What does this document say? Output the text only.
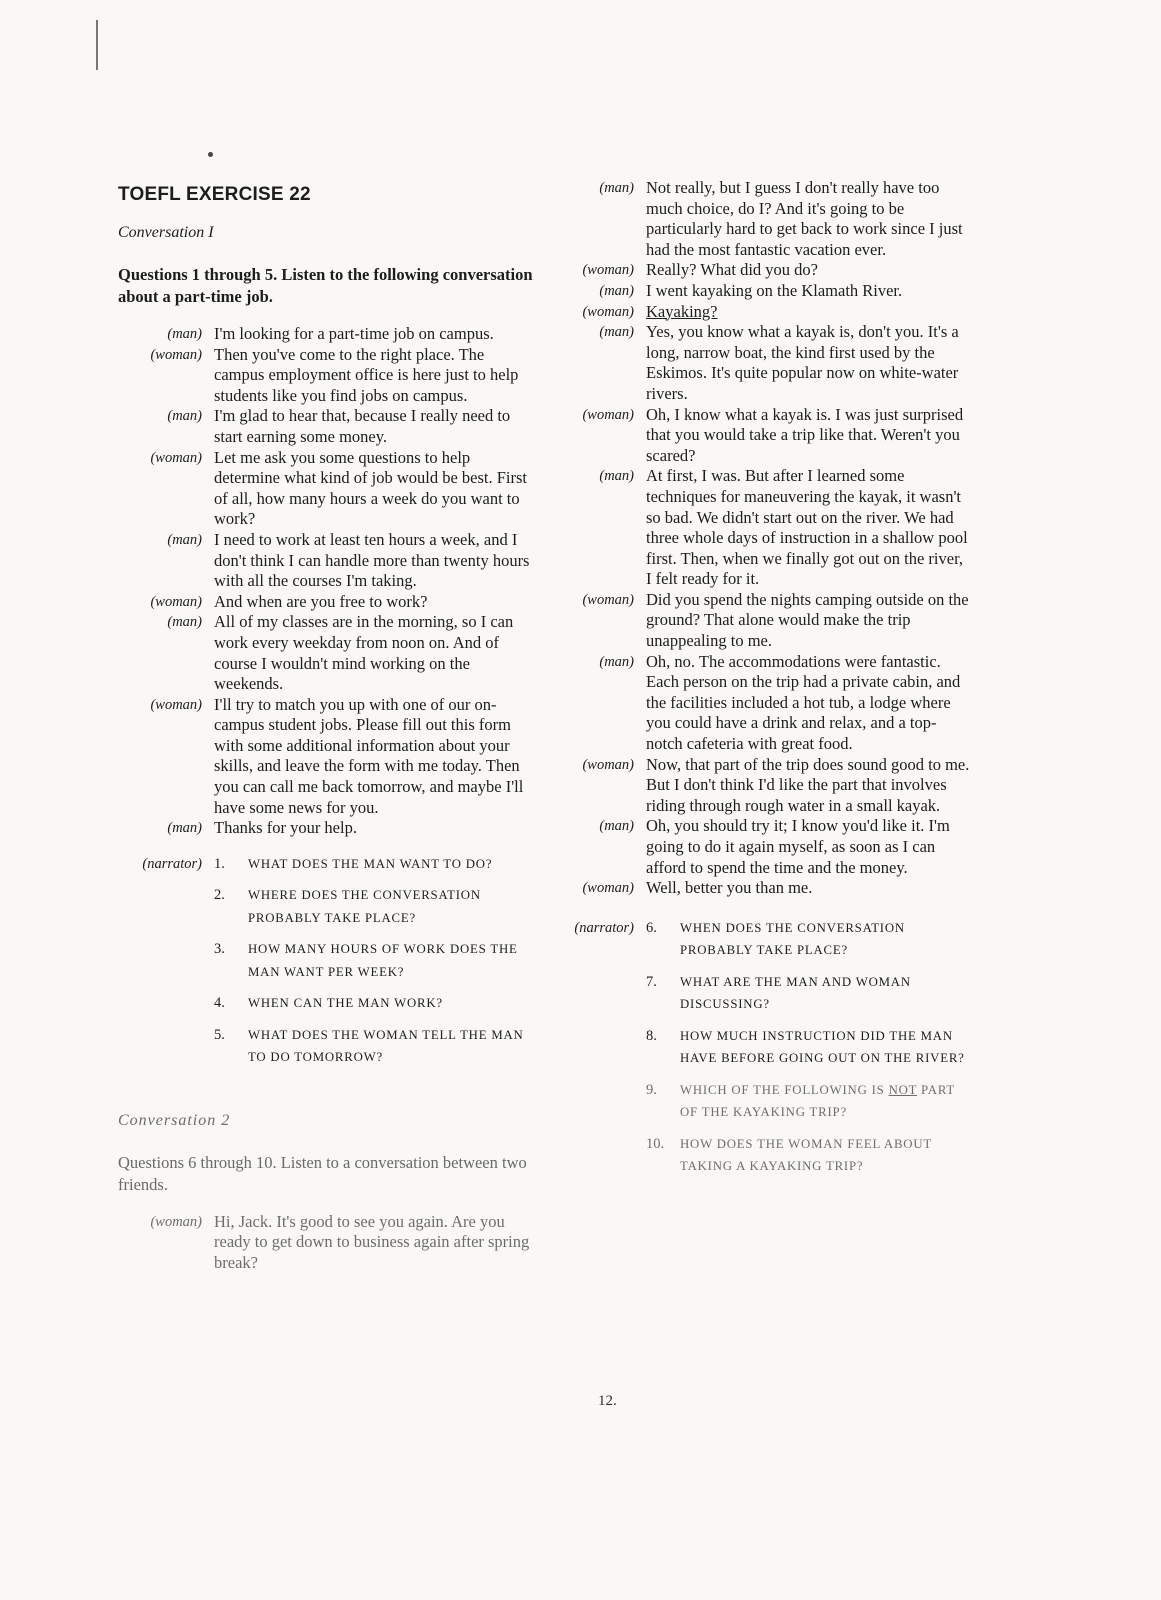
TOEFL EXERCISE 22
Conversation I
Questions 1 through 5. Listen to the following conversation about a part-time job.
(man) I'm looking for a part-time job on campus.
(woman) Then you've come to the right place. The campus employment office is here just to help students like you find jobs on campus.
(man) I'm glad to hear that, because I really need to start earning some money.
(woman) Let me ask you some questions to help determine what kind of job would be best. First of all, how many hours a week do you want to work?
(man) I need to work at least ten hours a week, and I don't think I can handle more than twenty hours with all the courses I'm taking.
(woman) And when are you free to work?
(man) All of my classes are in the morning, so I can work every weekday from noon on. And of course I wouldn't mind working on the weekends.
(woman) I'll try to match you up with one of our on-campus student jobs. Please fill out this form with some additional information about your skills, and leave the form with me today. Then you can call me back tomorrow, and maybe I'll have some news for you.
(man) Thanks for your help.
(narrator) 1.	WHAT DOES THE MAN WANT TO DO?
2.	WHERE DOES THE CONVERSATION PROBABLY TAKE PLACE?
3.	HOW MANY HOURS OF WORK DOES THE MAN WANT PER WEEK?
4.	WHEN CAN THE MAN WORK?
5.	WHAT DOES THE WOMAN TELL THE MAN TO DO TOMORROW?
Conversation 2
Questions 6 through 10. Listen to a conversation between two friends.
(woman) Hi, Jack. It's good to see you again. Are you ready to get down to business again after spring break?
(man) Not really, but I guess I don't really have too much choice, do I? And it's going to be particularly hard to get back to work since I just had the most fantastic vacation ever.
(woman) Really? What did you do?
(man) I went kayaking on the Klamath River.
(woman) Kayaking?
(man) Yes, you know what a kayak is, don't you. It's a long, narrow boat, the kind first used by the Eskimos. It's quite popular now on white-water rivers.
(woman) Oh, I know what a kayak is. I was just surprised that you would take a trip like that. Weren't you scared?
(man) At first, I was. But after I learned some techniques for maneuvering the kayak, it wasn't so bad. We didn't start out on the river. We had three whole days of instruction in a shallow pool first. Then, when we finally got out on the river, I felt ready for it.
(woman) Did you spend the nights camping outside on the ground? That alone would make the trip unappealing to me.
(man) Oh, no. The accommodations were fantastic. Each person on the trip had a private cabin, and the facilities included a hot tub, a lodge where you could have a drink and relax, and a top-notch cafeteria with great food.
(woman) Now, that part of the trip does sound good to me. But I don't think I'd like the part that involves riding through rough water in a small kayak.
(man) Oh, you should try it; I know you'd like it. I'm going to do it again myself, as soon as I can afford to spend the time and the money.
(woman) Well, better you than me.
(narrator) 6.	WHEN DOES THE CONVERSATION PROBABLY TAKE PLACE?
7.	WHAT ARE THE MAN AND WOMAN DISCUSSING?
8.	HOW MUCH INSTRUCTION DID THE MAN HAVE BEFORE GOING OUT ON THE RIVER?
9.	WHICH OF THE FOLLOWING IS NOT PART OF THE KAYAKING TRIP?
10.	HOW DOES THE WOMAN FEEL ABOUT TAKING A KAYAKING TRIP?
12.
